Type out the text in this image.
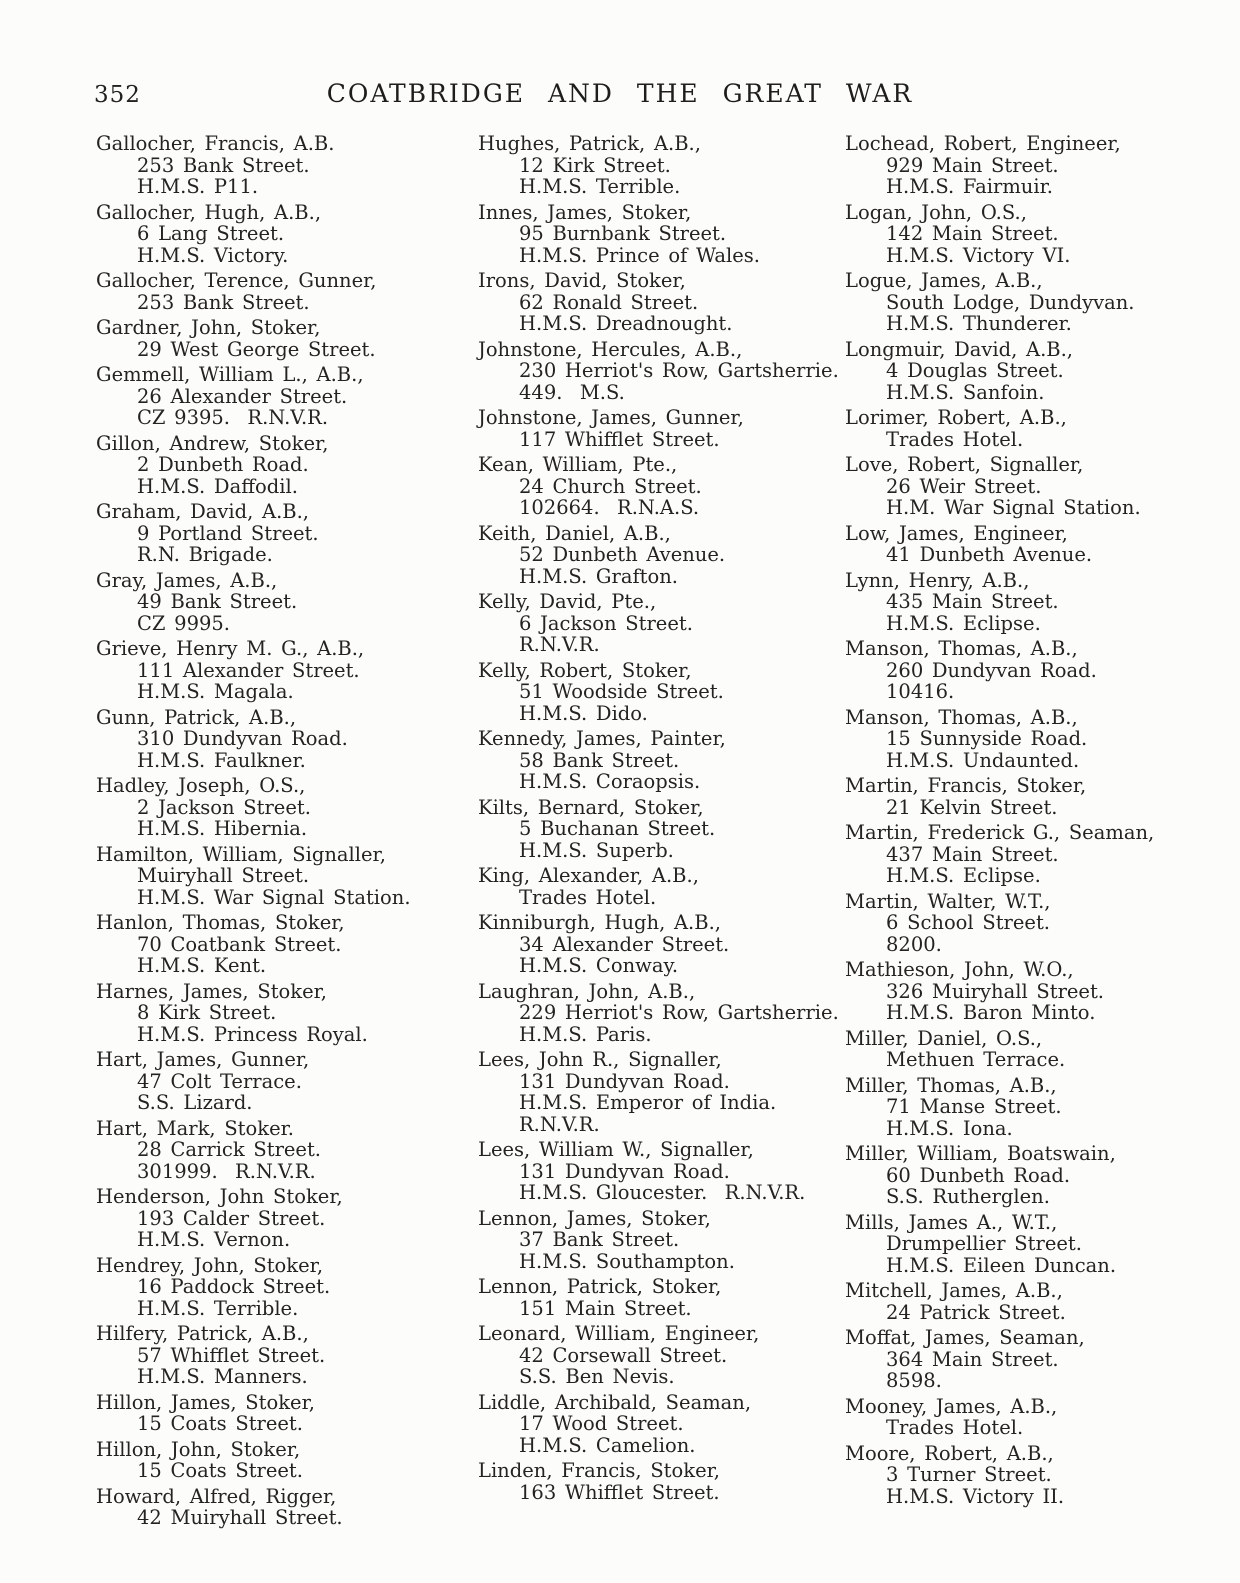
352	COATBRIDGE AND THE GREAT WAR
Gallocher, Francis, A.B.
253 Bank Street.
H.M.S. P11.
Gallocher, Hugh, A.B.,
6 Lang Street.
H.M.S. Victory.
Gallocher, Terence, Gunner,
253 Bank Street.
Gardner, John, Stoker,
29 West George Street.
Gemmell, William L., A.B.,
26 Alexander Street.
CZ 9395.  R.N.V.R.
Gillon, Andrew, Stoker,
2 Dunbeth Road.
H.M.S. Daffodil.
Graham, David, A.B.,
9 Portland Street.
R.N. Brigade.
Gray, James, A.B.,
49 Bank Street.
CZ 9995.
Grieve, Henry M. G., A.B.,
111 Alexander Street.
H.M.S. Magala.
Gunn, Patrick, A.B.,
310 Dundyvan Road.
H.M.S. Faulkner.
Hadley, Joseph, O.S.,
2 Jackson Street.
H.M.S. Hibernia.
Hamilton, William, Signaller,
Muiryhall Street.
H.M.S. War Signal Station.
Hanlon, Thomas, Stoker,
70 Coatbank Street.
H.M.S. Kent.
Harnes, James, Stoker,
8 Kirk Street.
H.M.S. Princess Royal.
Hart, James, Gunner,
47 Colt Terrace.
S.S. Lizard.
Hart, Mark, Stoker.
28 Carrick Street.
301999.  R.N.V.R.
Henderson, John Stoker,
193 Calder Street.
H.M.S. Vernon.
Hendrey, John, Stoker,
16 Paddock Street.
H.M.S. Terrible.
Hilfery, Patrick, A.B.,
57 Whifflet Street.
H.M.S. Manners.
Hillon, James, Stoker,
15 Coats Street.
Hillon, John, Stoker,
15 Coats Street.
Howard, Alfred, Rigger,
42 Muiryhall Street.
Hughes, Patrick, A.B.,
12 Kirk Street.
H.M.S. Terrible.
Innes, James, Stoker,
95 Burnbank Street.
H.M.S. Prince of Wales.
Irons, David, Stoker,
62 Ronald Street.
H.M.S. Dreadnought.
Johnstone, Hercules, A.B.,
230 Herriot's Row, Gartsherrie.
449.  M.S.
Johnstone, James, Gunner,
117 Whifflet Street.
Kean, William, Pte.,
24 Church Street.
102664.  R.N.A.S.
Keith, Daniel, A.B.,
52 Dunbeth Avenue.
H.M.S. Grafton.
Kelly, David, Pte.,
6 Jackson Street.
R.N.V.R.
Kelly, Robert, Stoker,
51 Woodside Street.
H.M.S. Dido.
Kennedy, James, Painter,
58 Bank Street.
H.M.S. Coraopsis.
Kilts, Bernard, Stoker,
5 Buchanan Street.
H.M.S. Superb.
King, Alexander, A.B.,
Trades Hotel.
Kinniburgh, Hugh, A.B.,
34 Alexander Street.
H.M.S. Conway.
Laughran, John, A.B.,
229 Herriot's Row, Gartsherrie.
H.M.S. Paris.
Lees, John R., Signaller,
131 Dundyvan Road.
H.M.S. Emperor of India.
R.N.V.R.
Lees, William W., Signaller,
131 Dundyvan Road.
H.M.S. Gloucester.  R.N.V.R.
Lennon, James, Stoker,
37 Bank Street.
H.M.S. Southampton.
Lennon, Patrick, Stoker,
151 Main Street.
Leonard, William, Engineer,
42 Corsewall Street.
S.S. Ben Nevis.
Liddle, Archibald, Seaman,
17 Wood Street.
H.M.S. Camelion.
Linden, Francis, Stoker,
163 Whifflet Street.
Lochead, Robert, Engineer,
929 Main Street.
H.M.S. Fairmuir.
Logan, John, O.S.,
142 Main Street.
H.M.S. Victory VI.
Logue, James, A.B.,
South Lodge, Dundyvan.
H.M.S. Thunderer.
Longmuir, David, A.B.,
4 Douglas Street.
H.M.S. Sanfoin.
Lorimer, Robert, A.B.,
Trades Hotel.
Love, Robert, Signaller,
26 Weir Street.
H.M. War Signal Station.
Low, James, Engineer,
41 Dunbeth Avenue.
Lynn, Henry, A.B.,
435 Main Street.
H.M.S. Eclipse.
Manson, Thomas, A.B.,
260 Dundyvan Road.
10416.
Manson, Thomas, A.B.,
15 Sunnyside Road.
H.M.S. Undaunted.
Martin, Francis, Stoker,
21 Kelvin Street.
Martin, Frederick G., Seaman,
437 Main Street.
H.M.S. Eclipse.
Martin, Walter, W.T.,
6 School Street.
8200.
Mathieson, John, W.O.,
326 Muiryhall Street.
H.M.S. Baron Minto.
Miller, Daniel, O.S.,
Methuen Terrace.
Miller, Thomas, A.B.,
71 Manse Street.
H.M.S. Iona.
Miller, William, Boatswain,
60 Dunbeth Road.
S.S. Rutherglen.
Mills, James A., W.T.,
Drumpellier Street.
H.M.S. Eileen Duncan.
Mitchell, James, A.B.,
24 Patrick Street.
Moffat, James, Seaman,
364 Main Street.
8598.
Mooney, James, A.B.,
Trades Hotel.
Moore, Robert, A.B.,
3 Turner Street.
H.M.S. Victory II.
